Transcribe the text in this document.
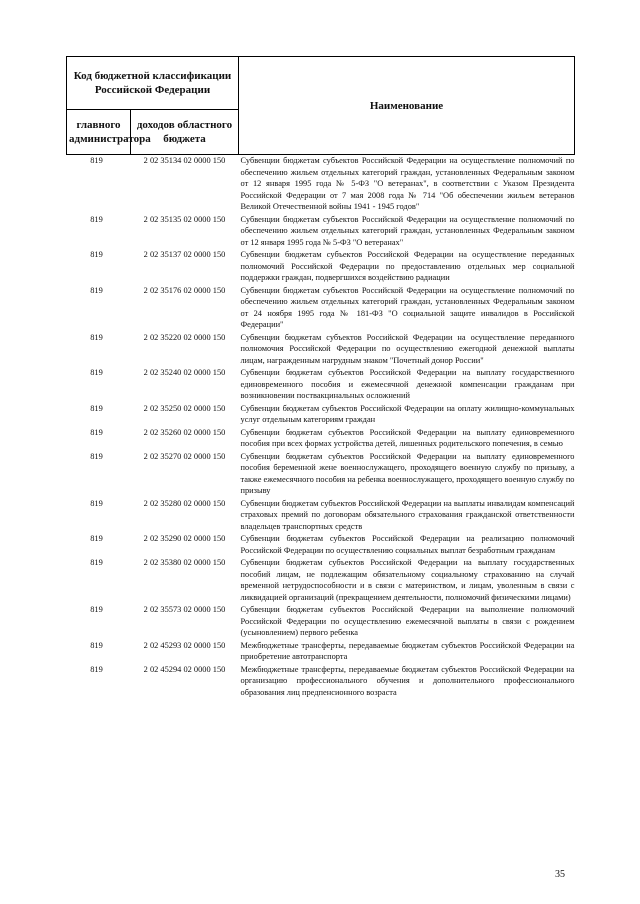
Код бюджетной классификации Российской Федерации		Наименование
главного администратора	доходов областного бюджета	
819	2 02 35134 02 0000 150	Субвенции бюджетам субъектов Российской Федерации на осуществление полномочий по обеспечению жильем отдельных категорий граждан, установленных Федеральным законом от 12 января 1995 года № 5-ФЗ "О ветеранах", в соответствии с Указом Президента Российской Федерации от 7 мая 2008 года № 714 "Об обеспечении жильем ветеранов Великой Отечественной войны 1941 - 1945 годов"
819	2 02 35135 02 0000 150	Субвенции бюджетам субъектов Российской Федерации на осуществление полномочий по обеспечению жильем отдельных категорий граждан, установленных Федеральным законом от 12 января 1995 года № 5-ФЗ "О ветеранах"
819	2 02 35137 02 0000 150	Субвенции бюджетам субъектов Российской Федерации на осуществление переданных полномочий Российской Федерации по предоставлению отдельных мер социальной поддержки граждан, подвергшихся воздействию радиации
819	2 02 35176 02 0000 150	Субвенции бюджетам субъектов Российской Федерации на осуществление полномочий по обеспечению жильем отдельных категорий граждан, установленных Федеральным законом от 24 ноября 1995 года № 181-ФЗ "О социальной защите инвалидов в Российской Федерации"
819	2 02 35220 02 0000 150	Субвенции бюджетам субъектов Российской Федерации на осуществление переданного полномочия Российской Федерации по осуществлению ежегодной денежной выплаты лицам, награжденным нагрудным знаком "Почетный донор России"
819	2 02 35240 02 0000 150	Субвенции бюджетам субъектов Российской Федерации на выплату государственного единовременного пособия и ежемесячной денежной компенсации гражданам при возникновении поствакцинальных осложнений
819	2 02 35250 02 0000 150	Субвенции бюджетам субъектов Российской Федерации на оплату жилищно-коммунальных услуг отдельным категориям граждан
819	2 02 35260 02 0000 150	Субвенции бюджетам субъектов Российской Федерации на выплату единовременного пособия при всех формах устройства детей, лишенных родительского попечения, в семью
819	2 02 35270 02 0000 150	Субвенции бюджетам субъектов Российской Федерации на выплату единовременного пособия беременной жене военнослужащего, проходящего военную службу по призыву, а также ежемесячного пособия на ребенка военнослужащего, проходящего военную службу по призыву
819	2 02 35280 02 0000 150	Субвенции бюджетам субъектов Российской Федерации на выплаты инвалидам компенсаций страховых премий по договорам обязательного страхования гражданской ответственности владельцев транспортных средств
819	2 02 35290 02 0000 150	Субвенции бюджетам субъектов Российской Федерации на реализацию полномочий Российской Федерации по осуществлению социальных выплат безработным гражданам
819	2 02 35380 02 0000 150	Субвенции бюджетам субъектов Российской Федерации на выплату государственных пособий лицам, не подлежащим обязательному социальному страхованию на случай временной нетрудоспособности и в связи с материнством, и лицам, уволенным в связи с ликвидацией организаций (прекращением деятельности, полномочий физическими лицами)
819	2 02 35573 02 0000 150	Субвенции бюджетам субъектов Российской Федерации на выполнение полномочий Российской Федерации по осуществлению ежемесячной выплаты в связи с рождением (усыновлением) первого ребенка
819	2 02 45293 02 0000 150	Межбюджетные трансферты, передаваемые бюджетам субъектов Российской Федерации на приобретение автотранспорта
819	2 02 45294 02 0000 150	Межбюджетные трансферты, передаваемые бюджетам субъектов Российской Федерации на организацию профессионального обучения и дополнительного профессионального образования лиц предпенсионного возраста
35
